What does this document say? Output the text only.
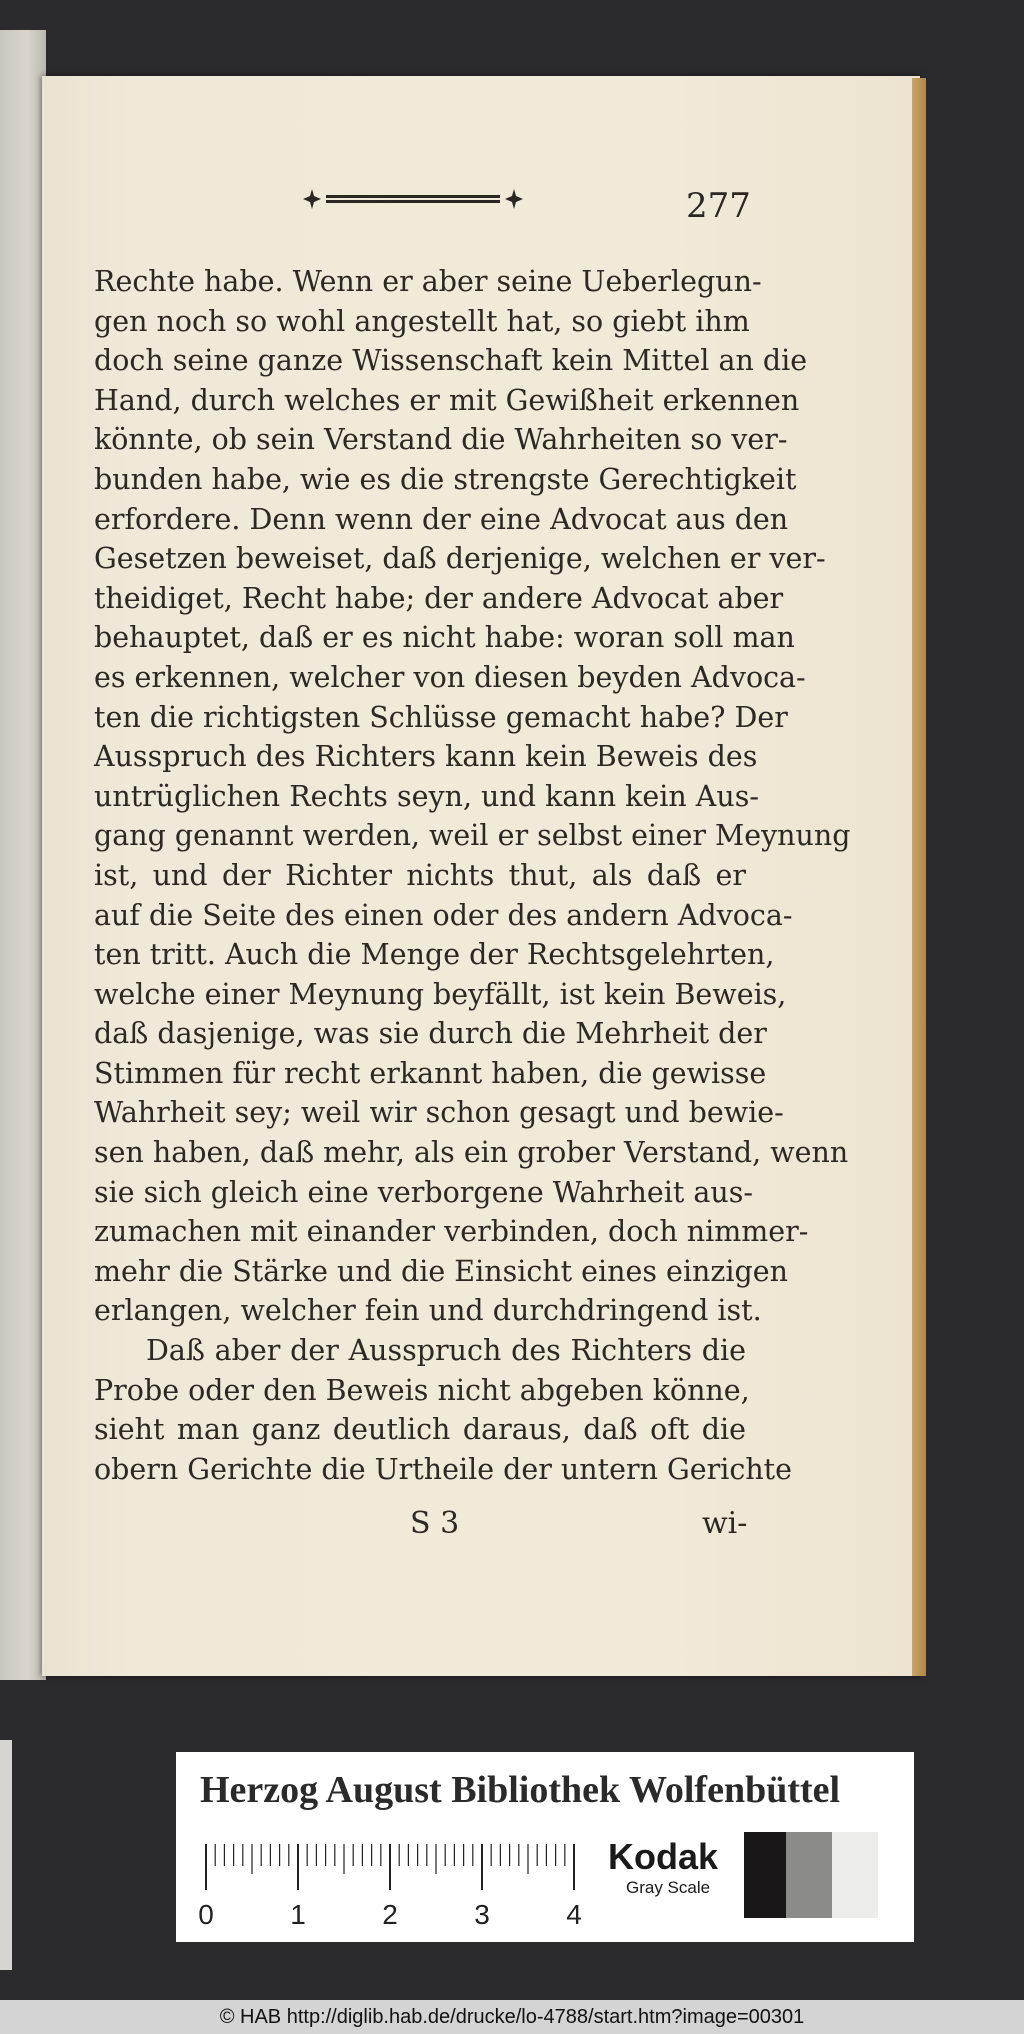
277
Rechte habe. Wenn er aber seine Ueberlegun-
gen noch so wohl angestellt hat, so giebt ihm
doch seine ganze Wissenschaft kein Mittel an die
Hand, durch welches er mit Gewißheit erkennen
könnte, ob sein Verstand die Wahrheiten so ver-
bunden habe, wie es die strengste Gerechtigkeit
erfordere. Denn wenn der eine Advocat aus den
Gesetzen beweiset, daß derjenige, welchen er ver-
theidiget, Recht habe; der andere Advocat aber
behauptet, daß er es nicht habe: woran soll man
es erkennen, welcher von diesen beyden Advoca-
ten die richtigsten Schlüsse gemacht habe? Der
Ausspruch des Richters kann kein Beweis des
untrüglichen Rechts seyn, und kann kein Aus-
gang genannt werden, weil er selbst einer Meynung
ist, und der Richter nichts thut, als daß er
auf die Seite des einen oder des andern Advoca-
ten tritt. Auch die Menge der Rechtsgelehrten,
welche einer Meynung beyfällt, ist kein Beweis,
daß dasjenige, was sie durch die Mehrheit der
Stimmen für recht erkannt haben, die gewisse
Wahrheit sey; weil wir schon gesagt und bewie-
sen haben, daß mehr, als ein grober Verstand, wenn
sie sich gleich eine verborgene Wahrheit aus-
zumachen mit einander verbinden, doch nimmer-
mehr die Stärke und die Einsicht eines einzigen
erlangen, welcher fein und durchdringend ist.
Daß aber der Ausspruch des Richters die
Probe oder den Beweis nicht abgeben könne,
sieht man ganz deutlich daraus, daß oft die
obern Gerichte die Urtheile der untern Gerichte
S 3	wi-
Herzog August Bibliothek Wolfenbüttel
0	1	2	3	4
Kodak
Gray Scale
© HAB http://diglib.hab.de/drucke/lo-4788/start.htm?image=00301
